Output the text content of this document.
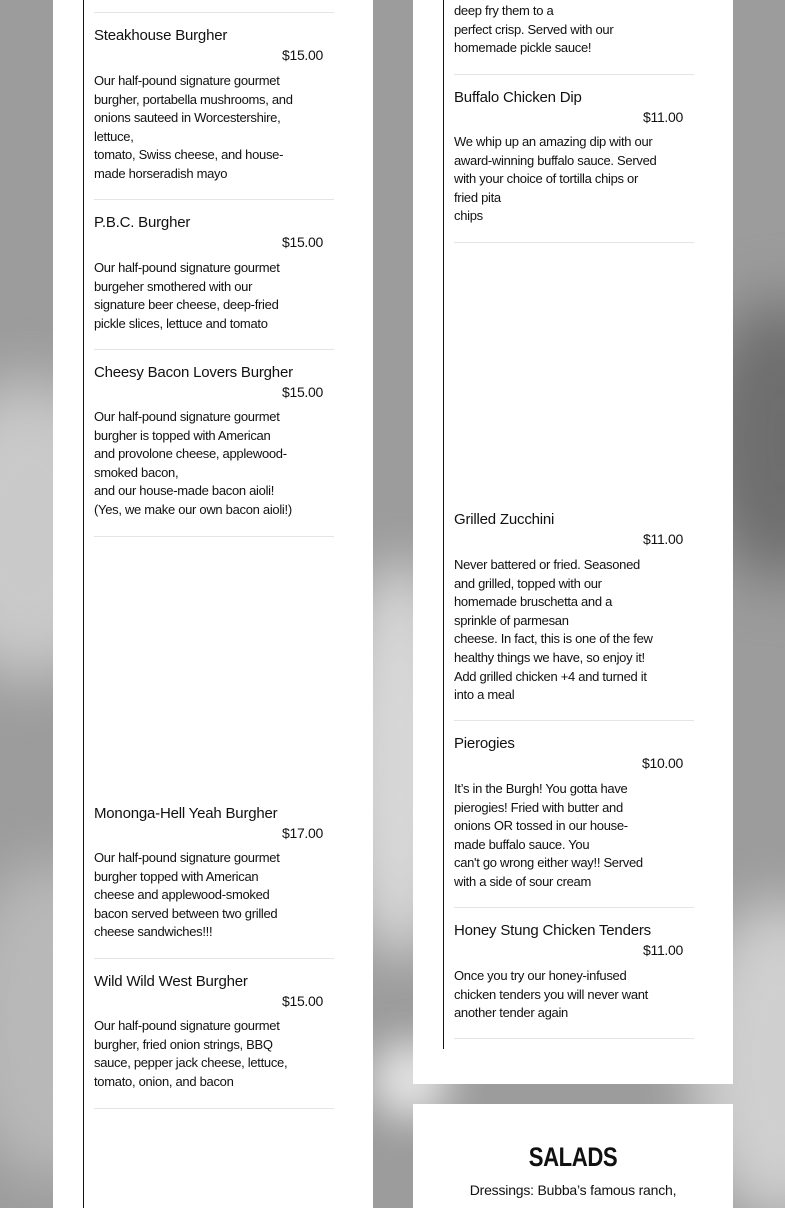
Steakhouse Burgher
$15.00
Our half-pound signature gourmet
burgher, portabella mushrooms, and
onions sauteed in Worcestershire,
lettuce,
tomato, Swiss cheese, and house-
made horseradish mayo
P.B.C. Burgher
$15.00
Our half-pound signature gourmet
burgeher smothered with our
signature beer cheese, deep-fried
pickle slices, lettuce and tomato
Cheesy Bacon Lovers Burgher
$15.00
Our half-pound signature gourmet
burgher is topped with American
and provolone cheese, applewood-
smoked bacon,
and our house-made bacon aioli!
(Yes, we make our own bacon aioli!)
Mononga-Hell Yeah Burgher
$17.00
Our half-pound signature gourmet
burgher topped with American
cheese and applewood-smoked
bacon served between two grilled
cheese sandwiches!!!
Wild Wild West Burgher
$15.00
Our half-pound signature gourmet
burgher, fried onion strings, BBQ
sauce, pepper jack cheese, lettuce,
tomato, onion, and bacon
deep fry them to a
perfect crisp. Served with our
homemade pickle sauce!
Buffalo Chicken Dip
$11.00
We whip up an amazing dip with our
award-winning buffalo sauce. Served
with your choice of tortilla chips or
fried pita
chips
Grilled Zucchini
$11.00
Never battered or fried. Seasoned
and grilled, topped with our
homemade bruschetta and a
sprinkle of parmesan
cheese. In fact, this is one of the few
healthy things we have, so enjoy it!
Add grilled chicken +4 and turned it
into a meal
Pierogies
$10.00
It’s in the Burgh! You gotta have
pierogies! Fried with butter and
onions OR tossed in our house-
made buffalo sauce. You
can't go wrong either way!! Served
with a side of sour cream
Honey Stung Chicken Tenders
$11.00
Once you try our honey-infused
chicken tenders you will never want
another tender again
SALADS
Dressings: Bubba’s famous ranch,
